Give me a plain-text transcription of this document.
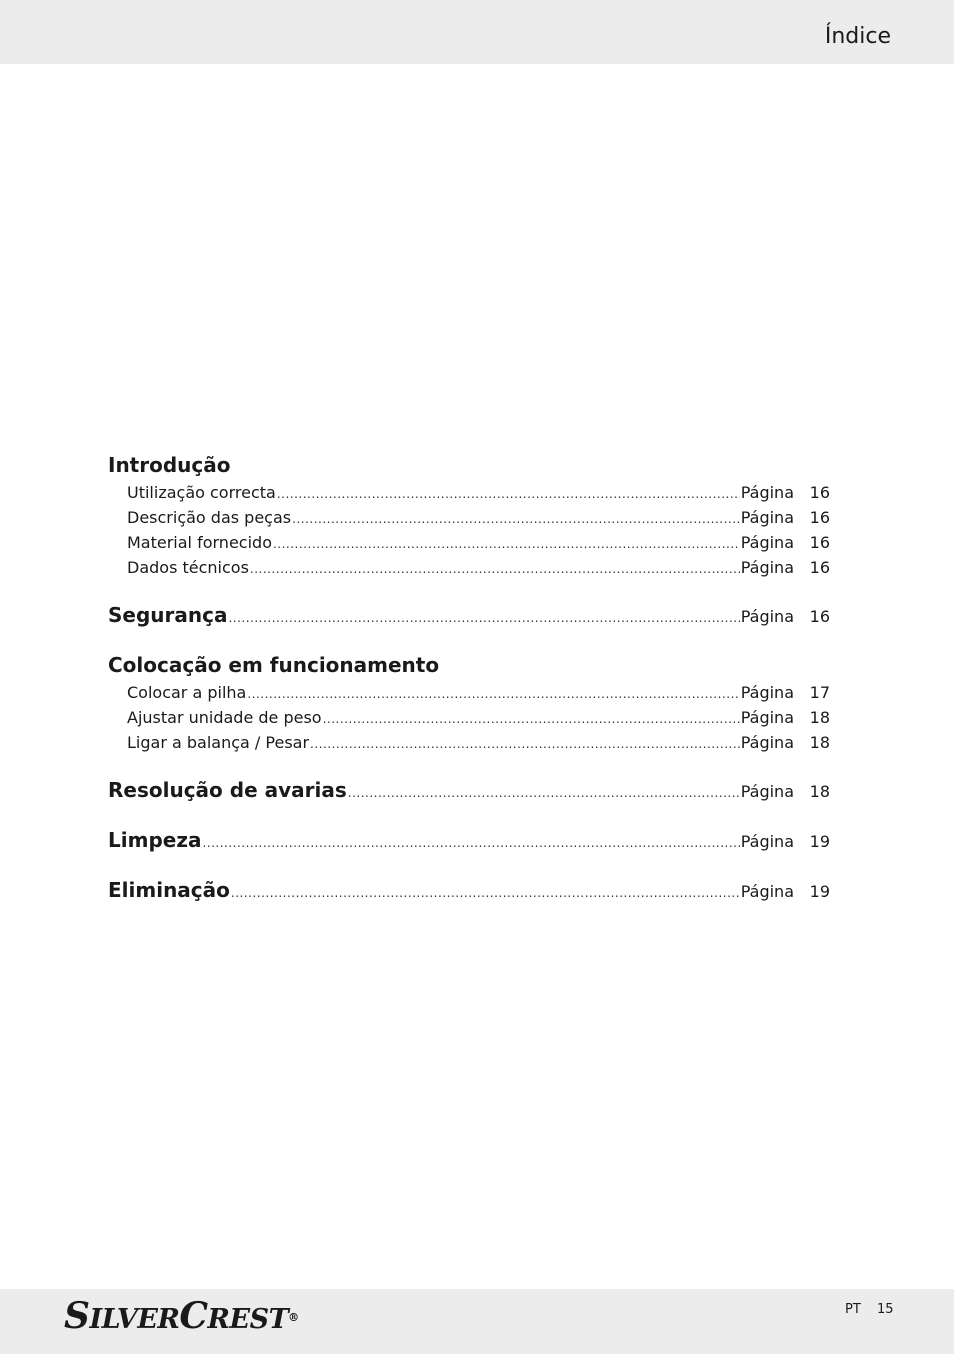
Índice
Introdução
Utilização correcta .....	Página 16
Descrição das peças .....	Página 16
Material fornecido .....	Página 16
Dados técnicos .....	Página 16
Segurança .....	Página 16
Colocação em funcionamento
Colocar a pilha .....	Página 17
Ajustar unidade de peso .....	Página 18
Ligar a balança / Pesar .....	Página 18
Resolução de avarias .....	Página 18
Limpeza .....	Página 19
Eliminação .....	Página 19
SILVERCREST®
PT 15
